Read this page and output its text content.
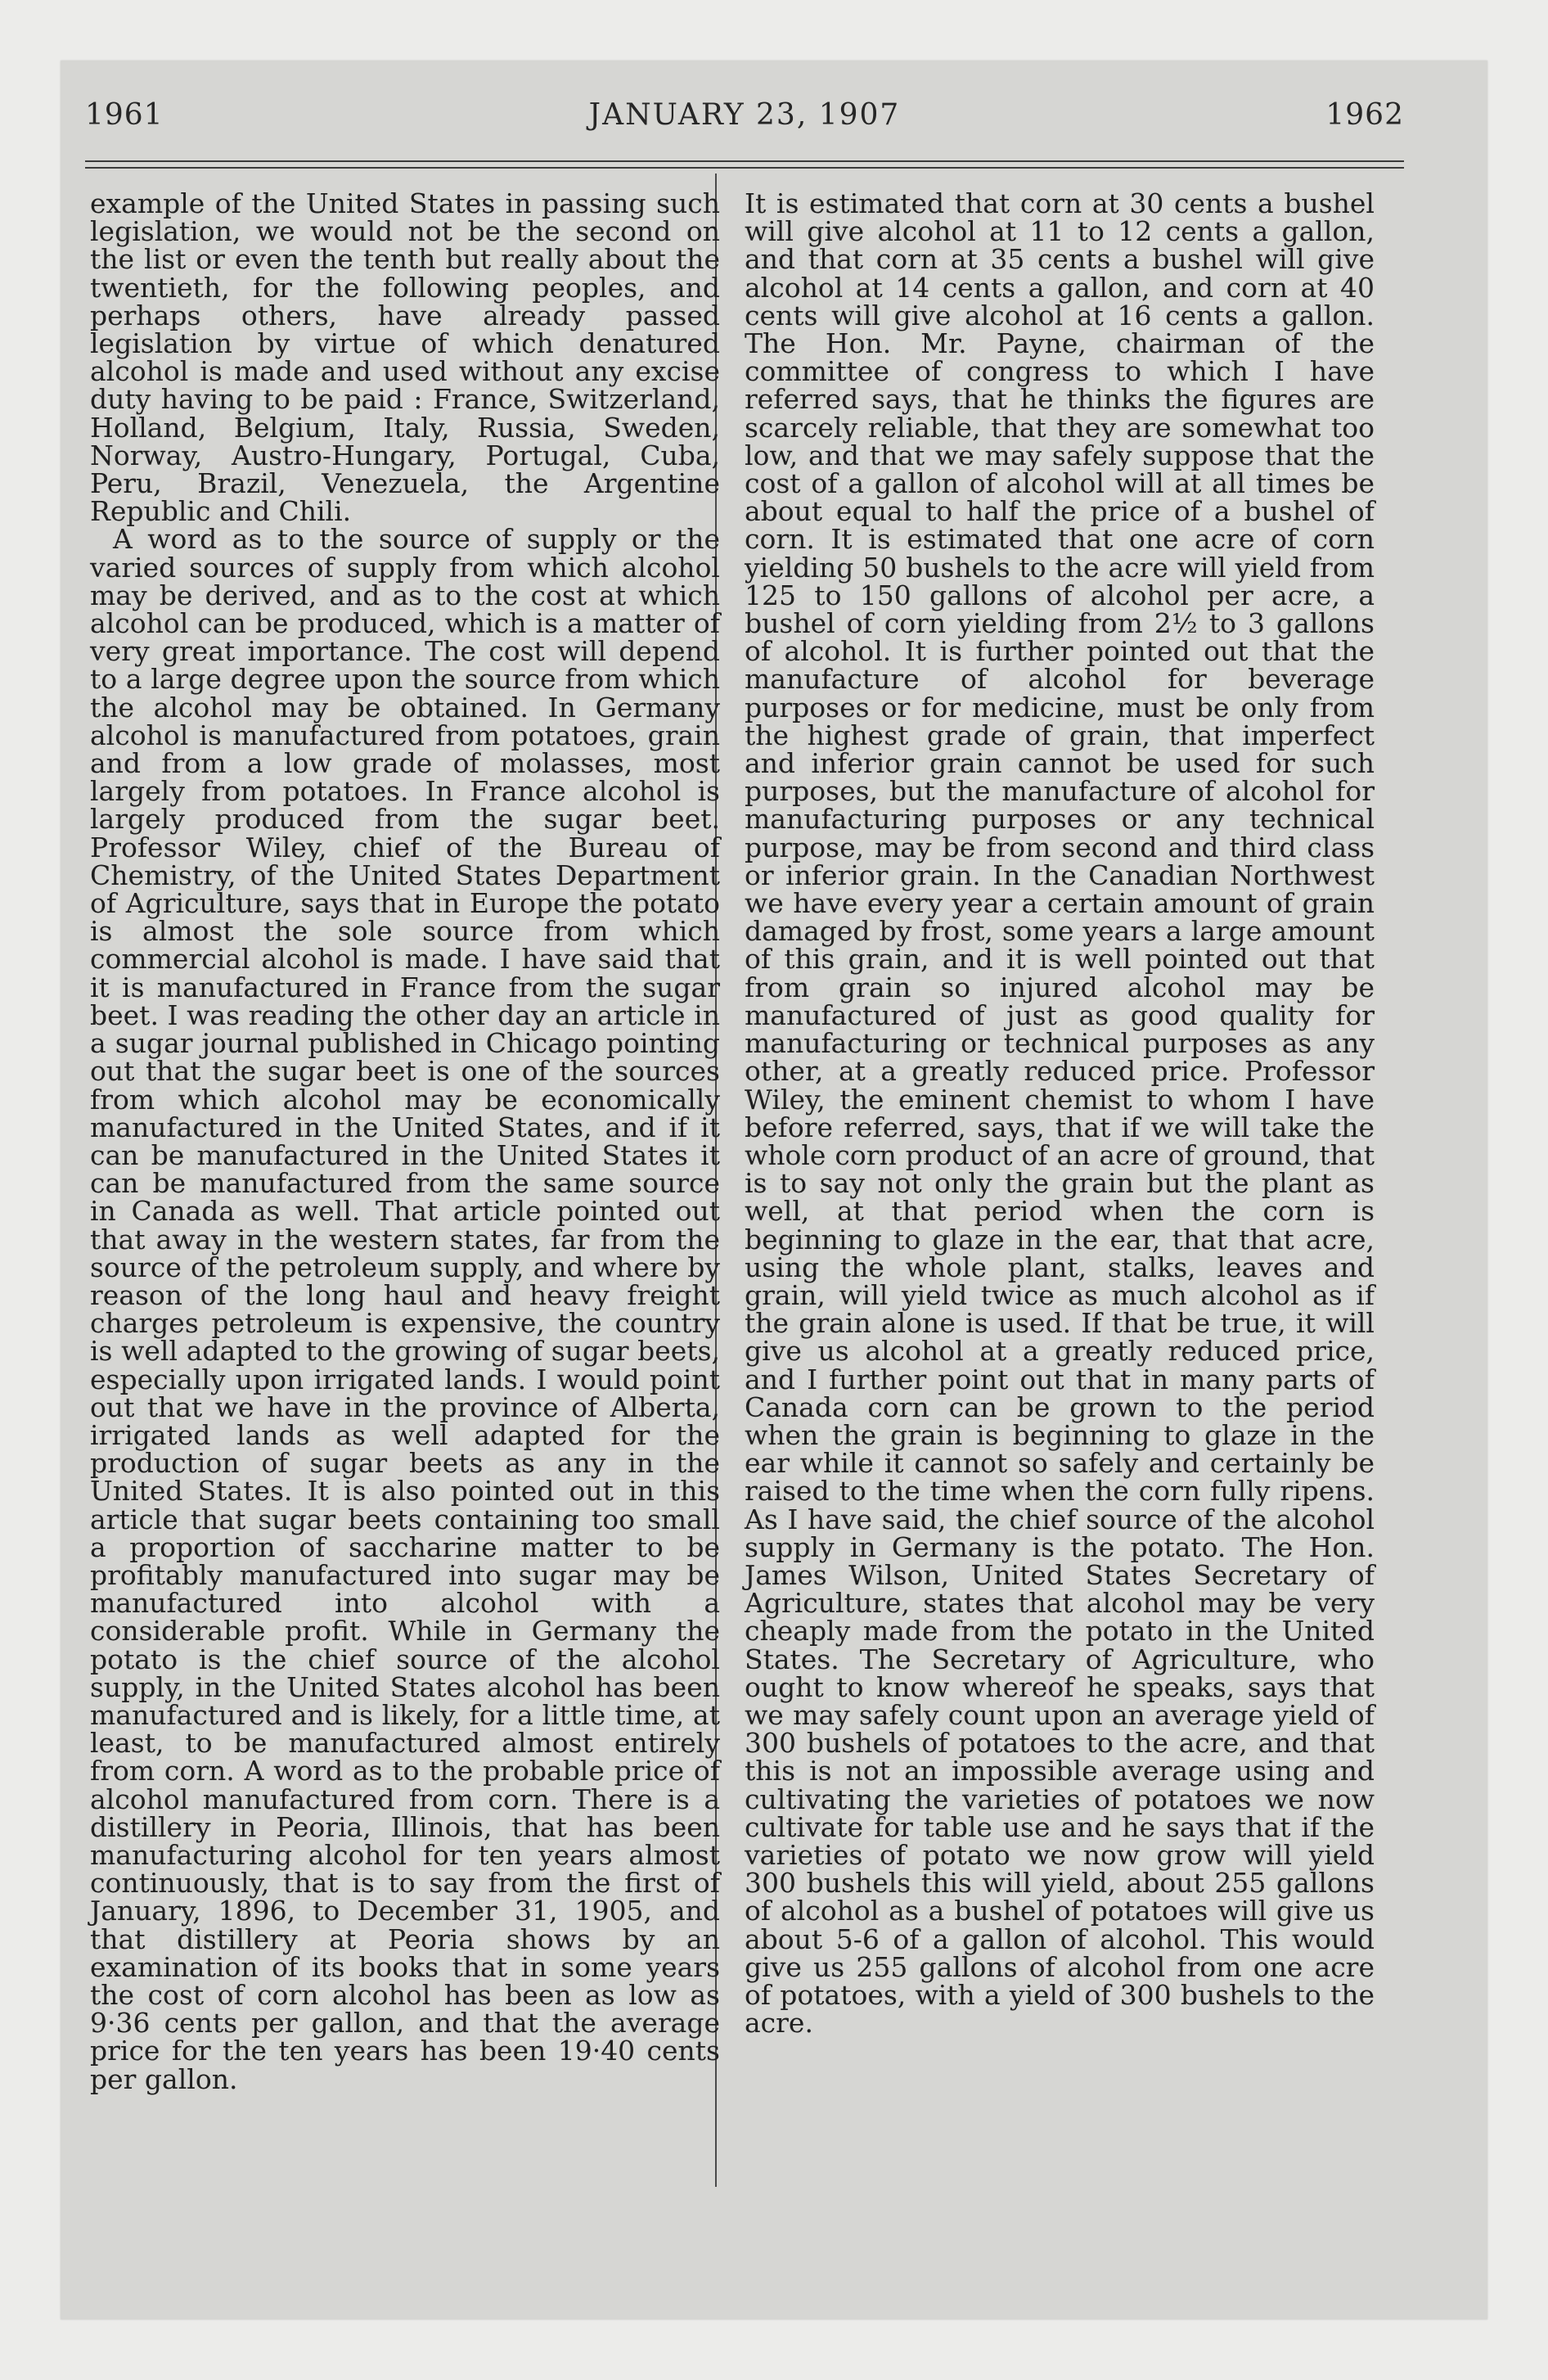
1961	JANUARY 23, 1907	1962

example of the United States in passing such legislation, we would not be the second on the list or even the tenth but really about the twentieth, for the following peoples, and perhaps others, have already passed legislation by virtue of which denatured alcohol is made and used without any excise duty having to be paid : France, Switzerland, Holland, Belgium, Italy, Russia, Sweden, Norway, Austro-Hungary, Portugal, Cuba, Peru, Brazil, Venezuela, the Argentine Republic and Chili.

A word as to the source of supply or the varied sources of supply from which alcohol may be derived, and as to the cost at which alcohol can be produced, which is a matter of very great importance. The cost will depend to a large degree upon the source from which the alcohol may be obtained. In Germany alcohol is manufactured from potatoes, grain and from a low grade of molasses, most largely from potatoes. In France alcohol is largely produced from the sugar beet. Professor Wiley, chief of the Bureau of Chemistry, of the United States Department of Agriculture, says that in Europe the potato is almost the sole source from which commercial alcohol is made. I have said that it is manufactured in France from the sugar beet. I was reading the other day an article in a sugar journal published in Chicago pointing out that the sugar beet is one of the sources from which alcohol may be economically manufactured in the United States, and if it can be manufactured in the United States it can be manufactured from the same source in Canada as well. That article pointed out that away in the western states, far from the source of the petroleum supply, and where by reason of the long haul and heavy freight charges petroleum is expensive, the country is well adapted to the growing of sugar beets, especially upon irrigated lands. I would point out that we have in the province of Alberta, irrigated lands as well adapted for the production of sugar beets as any in the United States. It is also pointed out in this article that sugar beets containing too small a proportion of saccharine matter to be profitably manufactured into sugar may be manufactured into alcohol with a considerable profit. While in Germany the potato is the chief source of the alcohol supply, in the United States alcohol has been manufactured and is likely, for a little time, at least, to be manufactured almost entirely from corn. A word as to the probable price of alcohol manufactured from corn. There is a distillery in Peoria, Illinois, that has been manufacturing alcohol for ten years almost continuously, that is to say from the first of January, 1896, to December 31, 1905, and that distillery at Peoria shows by an examination of its books that in some years the cost of corn alcohol has been as low as 9·36 cents per gallon, and that the average price for the ten years has been 19·40 cents per gallon.

It is estimated that corn at 30 cents a bushel will give alcohol at 11 to 12 cents a gallon, and that corn at 35 cents a bushel will give alcohol at 14 cents a gallon, and corn at 40 cents will give alcohol at 16 cents a gallon. The Hon. Mr. Payne, chairman of the committee of congress to which I have referred says, that he thinks the figures are scarcely reliable, that they are somewhat too low, and that we may safely suppose that the cost of a gallon of alcohol will at all times be about equal to half the price of a bushel of corn. It is estimated that one acre of corn yielding 50 bushels to the acre will yield from 125 to 150 gallons of alcohol per acre, a bushel of corn yielding from 2½ to 3 gallons of alcohol. It is further pointed out that the manufacture of alcohol for beverage purposes or for medicine, must be only from the highest grade of grain, that imperfect and inferior grain cannot be used for such purposes, but the manufacture of alcohol for manufacturing purposes or any technical purpose, may be from second and third class or inferior grain. In the Canadian Northwest we have every year a certain amount of grain damaged by frost, some years a large amount of this grain, and it is well pointed out that from grain so injured alcohol may be manufactured of just as good quality for manufacturing or technical purposes as any other, at a greatly reduced price. Professor Wiley, the eminent chemist to whom I have before referred, says, that if we will take the whole corn product of an acre of ground, that is to say not only the grain but the plant as well, at that period when the corn is beginning to glaze in the ear, that that acre, using the whole plant, stalks, leaves and grain, will yield twice as much alcohol as if the grain alone is used. If that be true, it will give us alcohol at a greatly reduced price, and I further point out that in many parts of Canada corn can be grown to the period when the grain is beginning to glaze in the ear while it cannot so safely and certainly be raised to the time when the corn fully ripens. As I have said, the chief source of the alcohol supply in Germany is the potato. The Hon. James Wilson, United States Secretary of Agriculture, states that alcohol may be very cheaply made from the potato in the United States. The Secretary of Agriculture, who ought to know whereof he speaks, says that we may safely count upon an average yield of 300 bushels of potatoes to the acre, and that this is not an impossible average using and cultivating the varieties of potatoes we now cultivate for table use and he says that if the varieties of potato we now grow will yield 300 bushels this will yield, about 255 gallons of alcohol as a bushel of potatoes will give us about 5-6 of a gallon of alcohol. This would give us 255 gallons of alcohol from one acre of potatoes, with a yield of 300 bushels to the acre.
